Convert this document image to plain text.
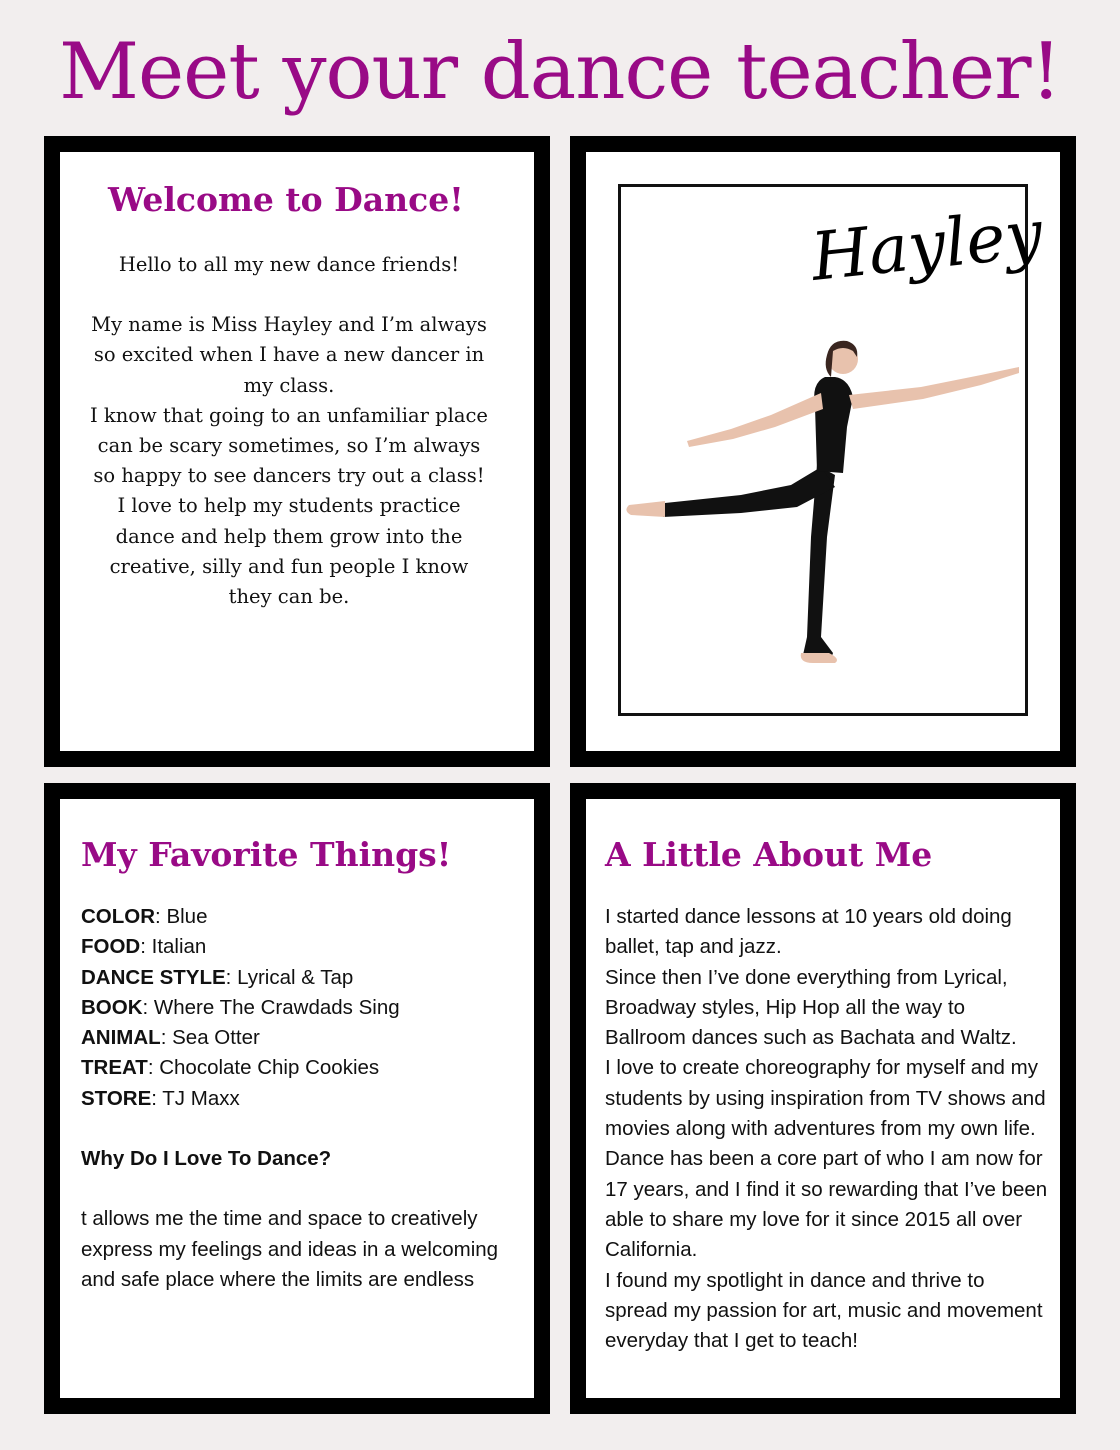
Meet your dance teacher!
Welcome to Dance!

Hello to all my new dance friends!

My name is Miss Hayley and I’m always so excited when I have a new dancer in my class.

I know that going to an unfamiliar place can be scary sometimes, so I’m always so happy to see dancers try out a class!

I love to help my students practice dance and help them grow into the creative, silly and fun people I know they can be.

Hayley
My Favorite Things!
COLOR: Blue
FOOD: Italian
DANCE STYLE: Lyrical & Tap
BOOK: Where The Crawdads Sing
ANIMAL: Sea Otter
TREAT: Chocolate Chip Cookies
STORE: TJ Maxx
Why Do I Love To Dance?
t allows me the time and space to creatively express my feelings and ideas in a welcoming and safe place where the limits are endless
A Little About Me
I started dance lessons at 10 years old doing ballet, tap and jazz.
Since then I’ve done everything from Lyrical, Broadway styles, Hip Hop all the way to Ballroom dances such as Bachata and Waltz.
I love to create choreography for myself and my students by using inspiration from TV shows and movies along with adventures from my own life.
Dance has been a core part of who I am now for 17 years, and I find it so rewarding that I’ve been able to share my love for it since 2015 all over California.
I found my spotlight in dance and thrive to spread my passion for art, music and movement everyday that I get to teach!
